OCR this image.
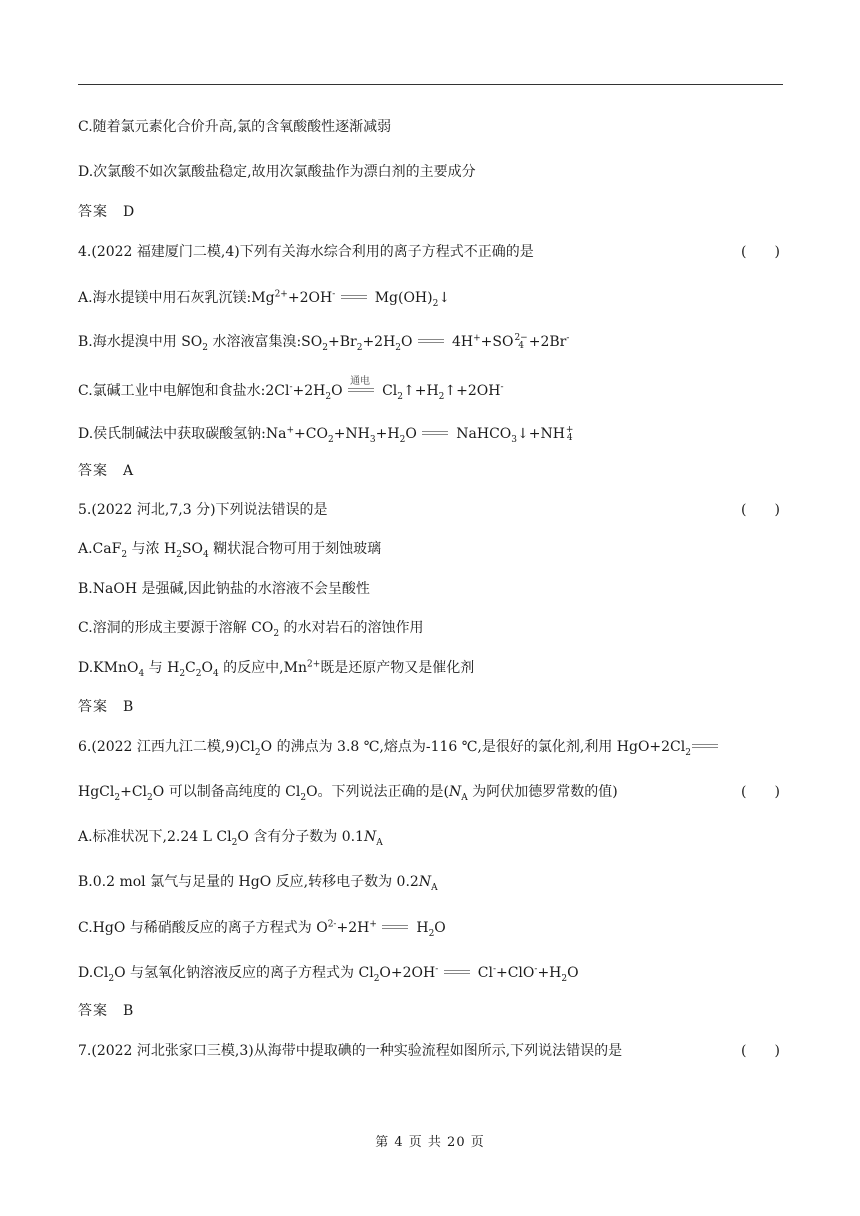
C.随着氯元素化合价升高,氯的含氧酸酸性逐渐减弱
D.次氯酸不如次氯酸盐稳定,故用次氯酸盐作为漂白剂的主要成分
答案　D
4.(2022 福建厦门二模,4)下列有关海水综合利用的离子方程式不正确的是	(　　)
A.海水提镁中用石灰乳沉镁$:Mg^{2+}+2OH^-$	$Mg(OH)_2↓$
B.海水提溴中用 $SO_2$ 水溶液富集溴$:SO_2+Br_2+2H_2O$	4H++SO 2−
4 +2Br-
C.氯碱工业中电解饱和食盐水$:2Cl^-+2H_2O$
通电
$Cl_2↑+H_2↑+2OH^-$
D.侯氏制碱法中获取碳酸氢钠$:Na^++CO_2+NH_3+H_2O$	NaHCO$_3$↓+NH +
4
答案　A
5.(2022 河北,7,3 分)下列说法错误的是	(　　)
A.CaF$_2$ 与浓 $H_2SO_4$ 糊状混合物可用于刻蚀玻璃
B.NaOH 是强碱,因此钠盐的水溶液不会呈酸性
C.溶洞的形成主要源于溶解 $CO_2$ 的水对岩石的溶蚀作用
D.KMnO$_4$ 与 $H_2C_2O_4$ 的反应中$,Mn^{2+}$既是还原产物又是催化剂
答案　B
6.(2022 江西九江二模$,9)Cl_2O$ 的沸点为 3.8 ℃,熔点为-116 ℃,是很好的氯化剂,利用 $HgO+2Cl_2$
$HgCl_2+Cl_2O$ 可以制备高纯度的 $Cl_2O$。下列说法正确的是($N_A$ 为阿伏加德罗常数的值)	(　　)
A.标准状况下,2.24 L $Cl_2O$ 含有分子数为 $0.1N_A$
B.0.2 mol 氯气与足量的 HgO 反应,转移电子数为 $0.2N_A$
C.HgO 与稀硝酸反应的离子方程式为 $O^{2-}+2H^+$	$H_2O$
$D.Cl_2O$ 与氢氧化钠溶液反应的离子方程式为 $Cl_2O+2OH^-$	$Cl^-+ClO^-+H_2O$
答案　B
7.(2022 河北张家口三模,3)从海带中提取碘的一种实验流程如图所示,下列说法错误的是	(　　)
第 4 页 共 20 页
